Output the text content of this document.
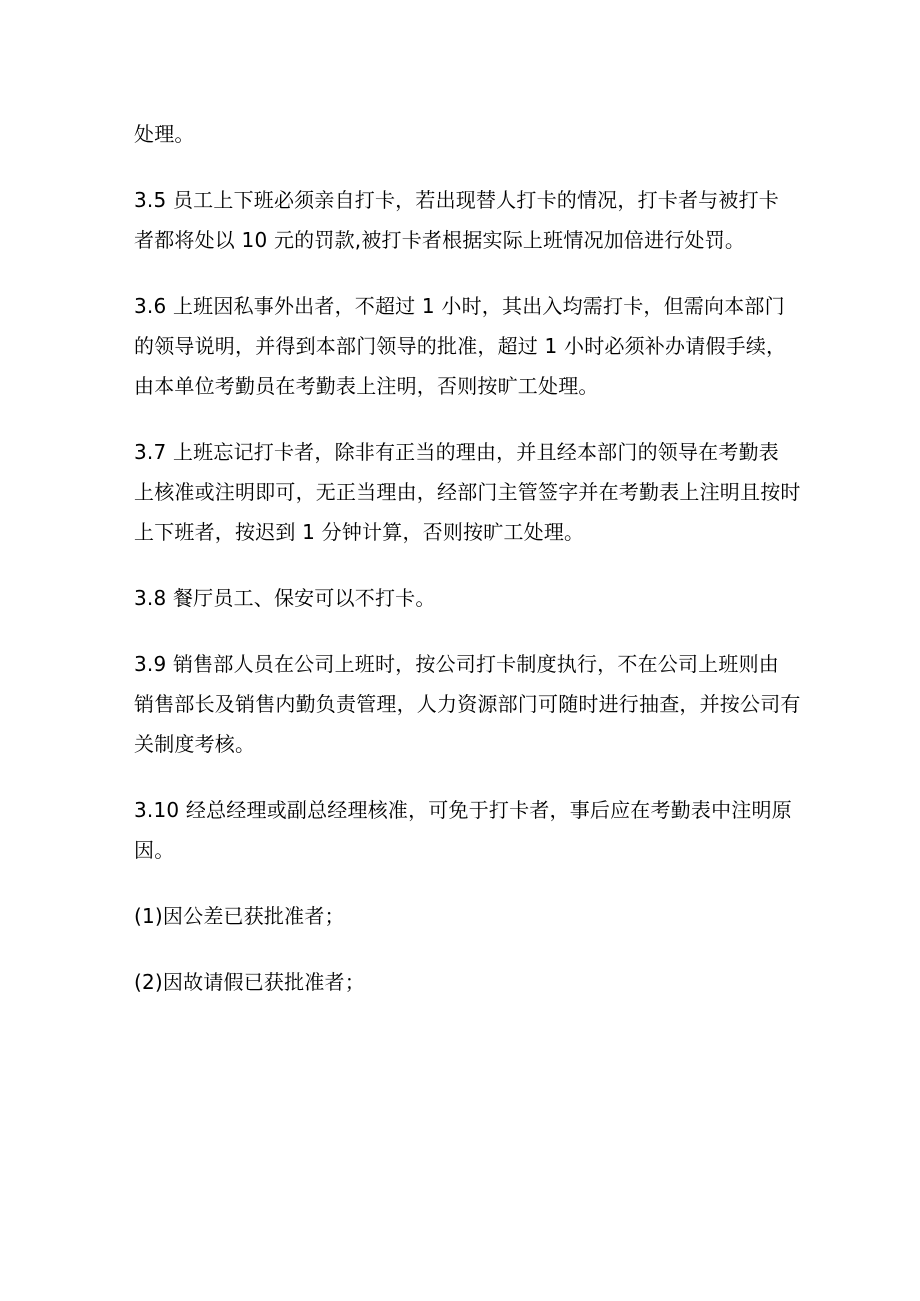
处理。

3.5 员工上下班必须亲自打卡，若出现替人打卡的情况，打卡者与被打卡
者都将处以 10 元的罚款,被打卡者根据实际上班情况加倍进行处罚。

3.6 上班因私事外出者，不超过 1 小时，其出入均需打卡，但需向本部门
的领导说明，并得到本部门领导的批准，超过 1 小时必须补办请假手续，
由本单位考勤员在考勤表上注明，否则按旷工处理。

3.7 上班忘记打卡者，除非有正当的理由，并且经本部门的领导在考勤表
上核准或注明即可，无正当理由，经部门主管签字并在考勤表上注明且按时
上下班者，按迟到 1 分钟计算，否则按旷工处理。

3.8 餐厅员工、保安可以不打卡。

3.9 销售部人员在公司上班时，按公司打卡制度执行，不在公司上班则由
销售部长及销售内勤负责管理，人力资源部门可随时进行抽查，并按公司有
关制度考核。

3.10 经总经理或副总经理核准，可免于打卡者，事后应在考勤表中注明原
因。

(1)因公差已获批准者；

(2)因故请假已获批准者；
